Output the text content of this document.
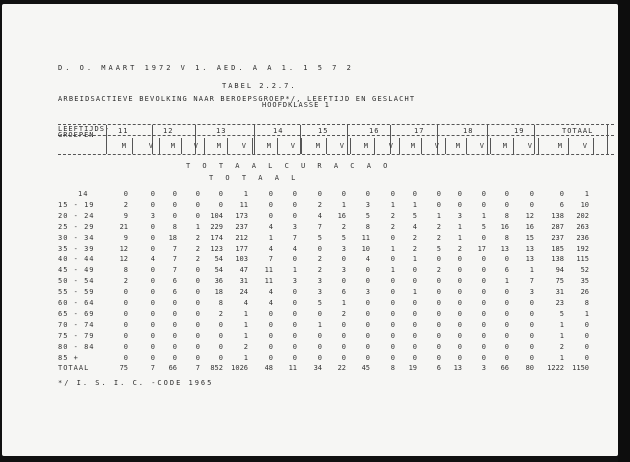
D. O. MAART 1972 V 1. AED. A A 1. 1 5 7 2
TABEL 2.2.7.
ARBEIDSACTIEVE BEVOLKING NAAR BEROEPSGROEP*/, LEEFTIJD EN GESLACHT
HOOFDKLASSE 1
LEEFTIJDS-
GROEPEN	11	12	13	14	15	16	17	18	19	TOTAAL
M	V	M	V	M	V	M	V	M	V	M	V	M	V	M	V	M	V	M	V
T O T A A L C U R A C A O
T O T A A L
14	0	0	0	0	0	1	0	0	0	0	0	0	0	0	0	0	0	0	0	1
15 - 19	2	0	0	0	0	11	0	0	2	1	3	1	1	0	0	0	0	0	6	10
20 - 24	9	3	0	0	104	173	0	0	4	16	5	2	5	1	3	1	8	12	138	202
25 - 29	21	0	8	1	229	237	4	3	7	2	8	2	4	2	1	5	16	16	287	263
30 - 34	9	0	18	2	174	212	1	7	5	5	11	0	2	2	1	0	8	15	237	236
35 - 39	12	0	7	2	123	177	4	4	0	3	10	1	2	5	2	17	13	13	185	192
40 - 44	12	4	7	2	54	103	7	0	2	0	4	0	1	0	0	0	0	13	138	115
45 - 49	8	0	7	0	54	47	11	1	2	3	0	1	0	2	0	0	6	1	94	52
50 - 54	2	0	6	0	36	31	11	3	3	0	0	0	0	0	0	0	1	7	75	35
55 - 59	0	0	6	0	18	24	4	0	3	6	3	0	1	0	0	0	0	3	31	26
60 - 64	0	0	0	0	8	4	4	0	5	1	0	0	0	0	0	0	0	0	23	8
65 - 69	0	0	0	0	2	1	0	0	0	2	0	0	0	0	0	0	0	0	5	1
70 - 74	0	0	0	0	0	1	0	0	1	0	0	0	0	0	0	0	0	0	1	0
75 - 79	0	0	0	0	0	1	0	0	0	0	0	0	0	0	0	0	0	0	1	0
80 - 84	0	0	0	0	0	2	0	0	0	0	0	0	0	0	0	0	0	0	2	0
85 +	0	0	0	0	0	1	0	0	0	0	0	0	0	0	0	0	0	0	1	0
TOTAAL	75	7	66	7	852 1026	48	11	34	22	45	8	19	6	13	3	66	80 1222 1150
*/ I. S. I. C. -CODE 1965
